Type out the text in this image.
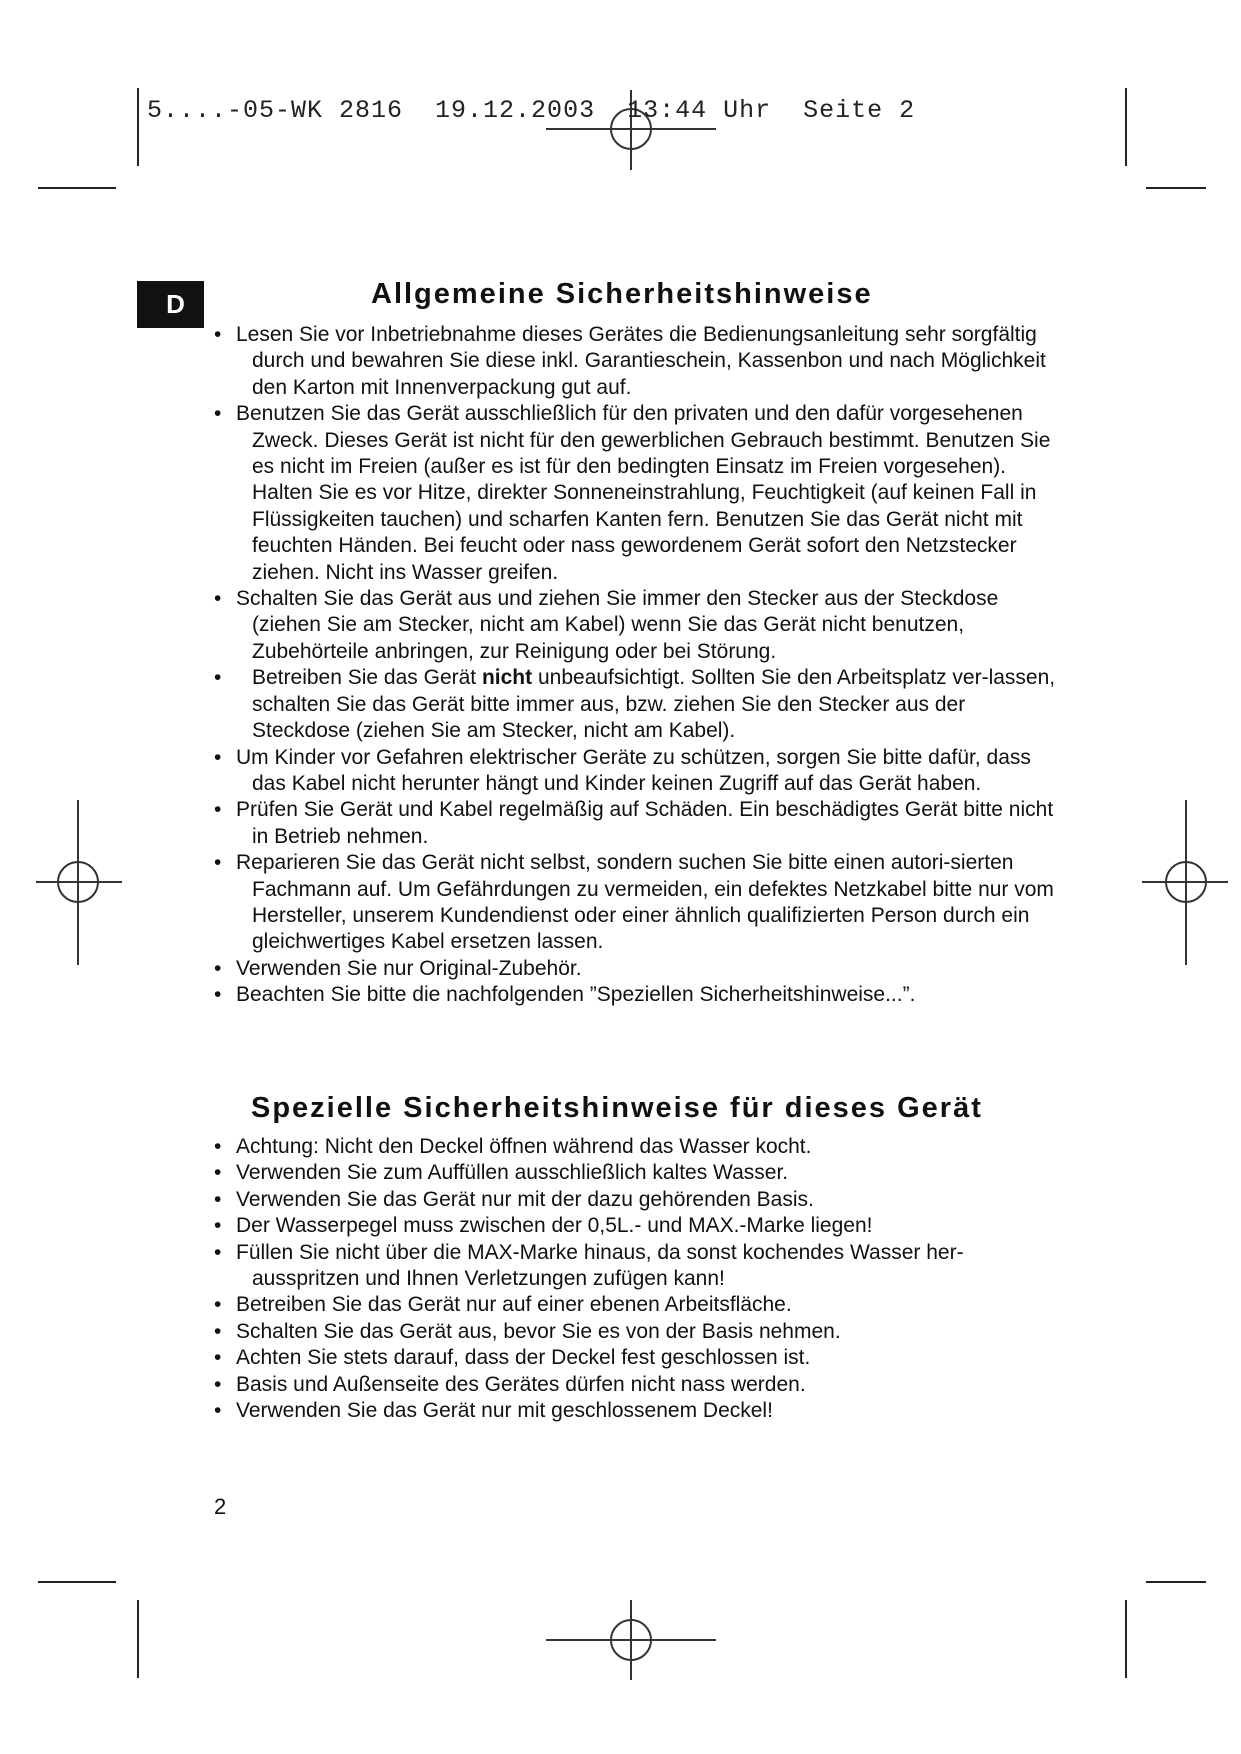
5....-05-WK 2816  19.12.2003  13:44 Uhr  Seite 2
D	Allgemeine Sicherheitshinweise
• Lesen Sie vor Inbetriebnahme dieses Gerätes die Bedienungsanleitung sehr sorgfältig durch und bewahren Sie diese inkl. Garantieschein, Kassenbon und nach Möglichkeit den Karton mit Innenverpackung gut auf.
• Benutzen Sie das Gerät ausschließlich für den privaten und den dafür vorgesehenen Zweck. Dieses Gerät ist nicht für den gewerblichen Gebrauch bestimmt. Benutzen Sie es nicht im Freien (außer es ist für den bedingten Einsatz im Freien vorgesehen). Halten Sie es vor Hitze, direkter Sonneneinstrahlung, Feuchtigkeit (auf keinen Fall in Flüssigkeiten tauchen) und scharfen Kanten fern. Benutzen Sie das Gerät nicht mit feuchten Händen. Bei feucht oder nass gewordenem Gerät sofort den Netzstecker ziehen. Nicht ins Wasser greifen.
• Schalten Sie das Gerät aus und ziehen Sie immer den Stecker aus der Steckdose (ziehen Sie am Stecker, nicht am Kabel) wenn Sie das Gerät nicht benutzen, Zubehörteile anbringen, zur Reinigung oder bei Störung.
• Betreiben Sie das Gerät nicht unbeaufsichtigt. Sollten Sie den Arbeitsplatz ver-lassen, schalten Sie das Gerät bitte immer aus, bzw. ziehen Sie den Stecker aus der Steckdose (ziehen Sie am Stecker, nicht am Kabel).
• Um Kinder vor Gefahren elektrischer Geräte zu schützen, sorgen Sie bitte dafür, dass das Kabel nicht herunter hängt und Kinder keinen Zugriff auf das Gerät haben.
• Prüfen Sie Gerät und Kabel regelmäßig auf Schäden. Ein beschädigtes Gerät bitte nicht in Betrieb nehmen.
• Reparieren Sie das Gerät nicht selbst, sondern suchen Sie bitte einen autori-sierten Fachmann auf. Um Gefährdungen zu vermeiden, ein defektes Netzkabel bitte nur vom Hersteller, unserem Kundendienst oder einer ähnlich qualifizierten Person durch ein gleichwertiges Kabel ersetzen lassen.
• Verwenden Sie nur Original-Zubehör.
• Beachten Sie bitte die nachfolgenden ”Speziellen Sicherheitshinweise...”.
Spezielle Sicherheitshinweise für dieses Gerät
• Achtung: Nicht den Deckel öffnen während das Wasser kocht.
• Verwenden Sie zum Auffüllen ausschließlich kaltes Wasser.
• Verwenden Sie das Gerät nur mit der dazu gehörenden Basis.
• Der Wasserpegel muss zwischen der 0,5L.- und MAX.-Marke liegen!
• Füllen Sie nicht über die MAX-Marke hinaus, da sonst kochendes Wasser her-ausspritzen und Ihnen Verletzungen zufügen kann!
• Betreiben Sie das Gerät nur auf einer ebenen Arbeitsfläche.
• Schalten Sie das Gerät aus, bevor Sie es von der Basis nehmen.
• Achten Sie stets darauf, dass der Deckel fest geschlossen ist.
• Basis und Außenseite des Gerätes dürfen nicht nass werden.
• Verwenden Sie das Gerät nur mit geschlossenem Deckel!
2
